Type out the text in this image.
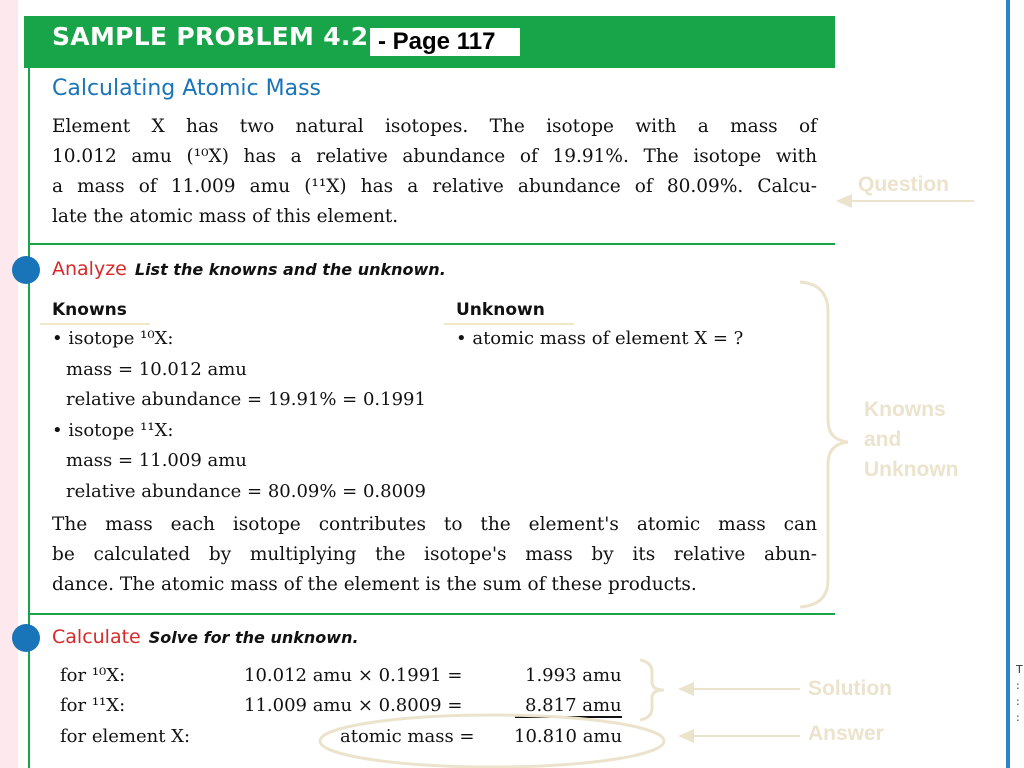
T
:
:
:
SAMPLE PROBLEM 4.2 - Page 117
Calculating Atomic Mass
Element X has two natural isotopes. The isotope with a mass of
10.012 amu (¹⁰X) has a relative abundance of 19.91%. The isotope with
a mass of 11.009 amu (¹¹X) has a relative abundance of 80.09%. Calcu-
late the atomic mass of this element.
Analyze List the knowns and the unknown.
Knowns	Unknown
• isotope ¹⁰X:
mass = 10.012 amu
relative abundance = 19.91% = 0.1991
• isotope ¹¹X:
mass = 11.009 amu
relative abundance = 80.09% = 0.8009
• atomic mass of element X = ?
The mass each isotope contributes to the element's atomic mass can
be calculated by multiplying the isotope's mass by its relative abun-
dance. The atomic mass of the element is the sum of these products.
Calculate Solve for the unknown.
for ¹⁰X:	10.012 amu × 0.1991 =	1.993 amu
for ¹¹X:	11.009 amu × 0.8009 =	8.817 amu
for element X:	atomic mass = 10.810 amu
Question
Knowns
and
Unknown
Solution
Answer
